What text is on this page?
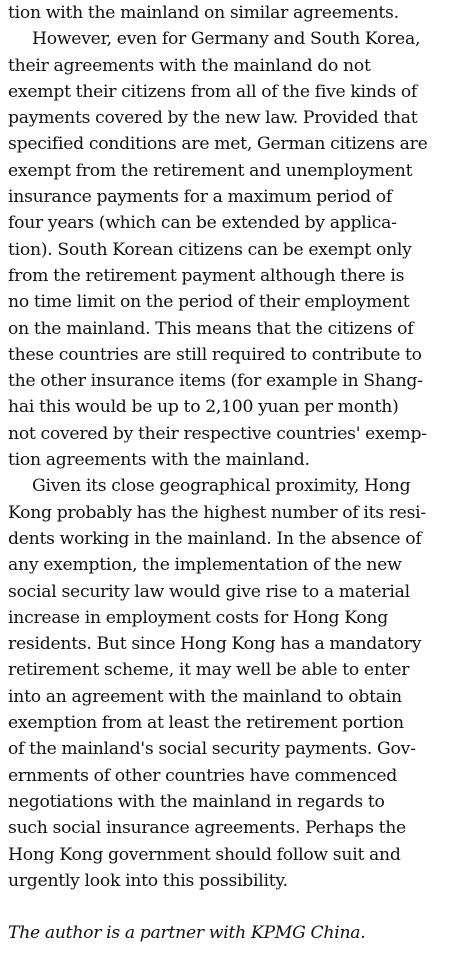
tion with the mainland on similar agreements.
However, even for Germany and South Korea,
their agreements with the mainland do not
exempt their citizens from all of the five kinds of
payments covered by the new law. Provided that
specified conditions are met, German citizens are
exempt from the retirement and unemployment
insurance payments for a maximum period of
four years (which can be extended by applica-
tion). South Korean citizens can be exempt only
from the retirement payment although there is
no time limit on the period of their employment
on the mainland. This means that the citizens of
these countries are still required to contribute to
the other insurance items (for example in Shang-
hai this would be up to 2,100 yuan per month)
not covered by their respective countries' exemp-
tion agreements with the mainland.
Given its close geographical proximity, Hong
Kong probably has the highest number of its resi-
dents working in the mainland. In the absence of
any exemption, the implementation of the new
social security law would give rise to a material
increase in employment costs for Hong Kong
residents. But since Hong Kong has a mandatory
retirement scheme, it may well be able to enter
into an agreement with the mainland to obtain
exemption from at least the retirement portion
of the mainland's social security payments. Gov-
ernments of other countries have commenced
negotiations with the mainland in regards to
such social insurance agreements. Perhaps the
Hong Kong government should follow suit and
urgently look into this possibility.
The author is a partner with KPMG China.
